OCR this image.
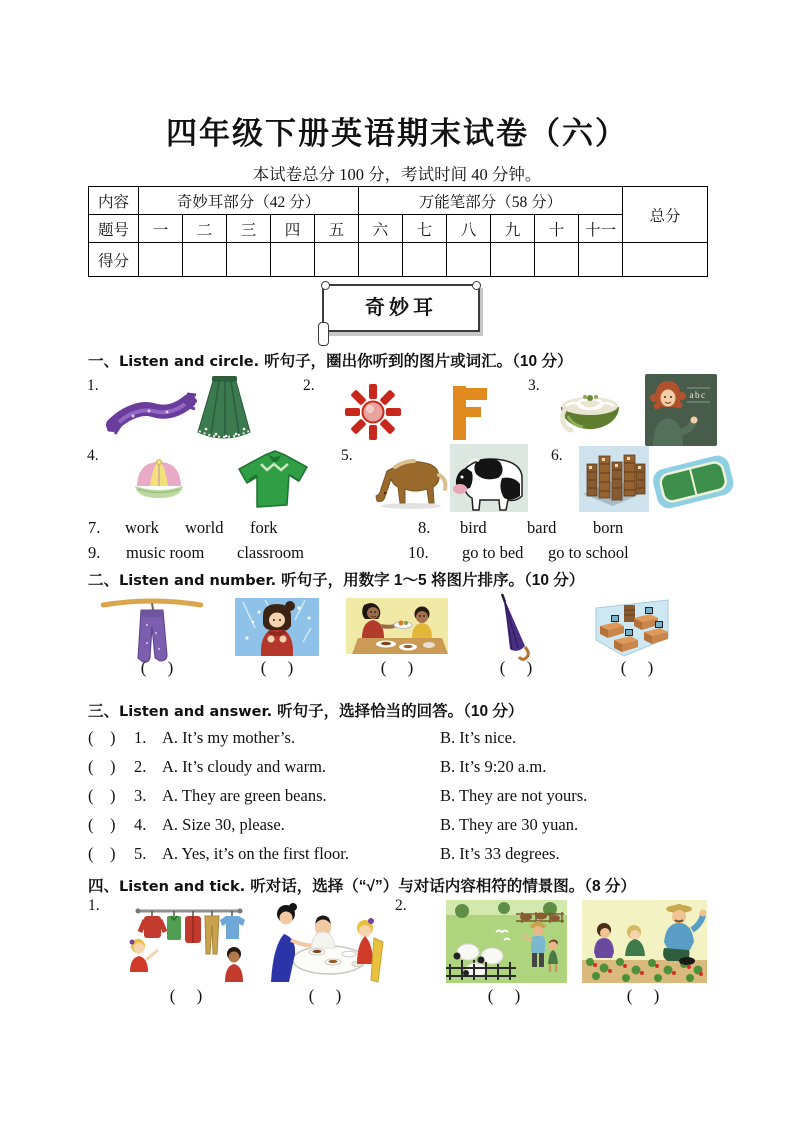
四年级下册英语期末试卷（六）
本试卷总分 100 分，考试时间 40 分钟。
内容	奇妙耳部分（42 分）					万能笔部分（58 分）						总分
题号	一	二	三	四	五	六	七	八	九	十	十一	
得分												
奇妙耳
一、Listen and circle. 听句子，圈出你听到的图片或词汇。（10 分）
1.	2.	3.
abc
4.	5.	6.
7. work world fork	8. bird bard born
9. music room classroom	10. go to bed go to school
二、Listen and number. 听句子，用数字 1～5 将图片排序。（10 分）
(     )	(     )	(     )	(     )	(     )
三、Listen and answer. 听句子，选择恰当的回答。（10 分）
(    ) 1. A. It’s my mother’s.	B. It’s nice.
(    ) 2. A. It’s cloudy and warm.	B. It’s 9:20 a.m.
(    ) 3. A. They are green beans.	B. They are not yours.
(    ) 4. A. Size 30, please.	B. They are 30 yuan.
(    ) 5. A. Yes, it’s on the first floor.	B. It’s 33 degrees.
四、Listen and tick. 听对话，选择（“√”）与对话内容相符的情景图。（8 分）
1.	2.
(     )	(     )	(     )	(     )
